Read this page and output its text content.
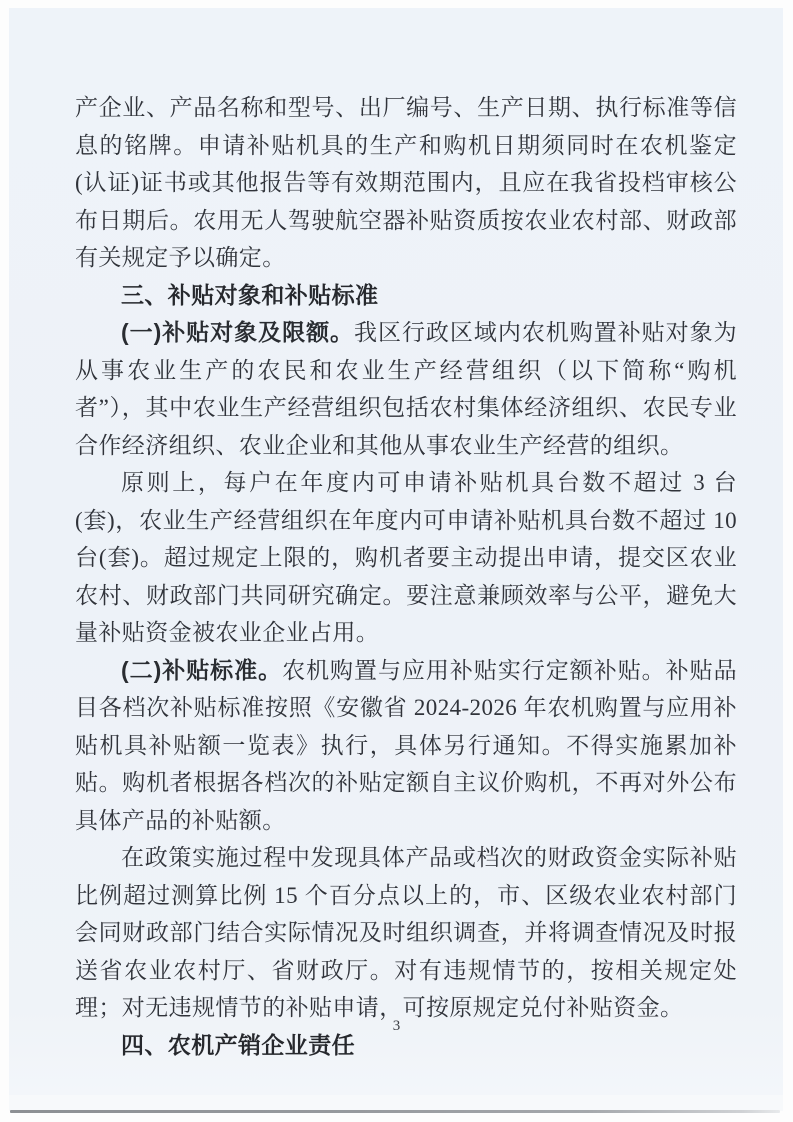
产企业、产品名称和型号、出厂编号、生产日期、执行标准等信息的铭牌。申请补贴机具的生产和购机日期须同时在农机鉴定(认证)证书或其他报告等有效期范围内，且应在我省投档审核公布日期后。农用无人驾驶航空器补贴资质按农业农村部、财政部有关规定予以确定。

三、补贴对象和补贴标准

(一)补贴对象及限额。我区行政区域内农机购置补贴对象为从事农业生产的农民和农业生产经营组织（以下简称“购机者”），其中农业生产经营组织包括农村集体经济组织、农民专业合作经济组织、农业企业和其他从事农业生产经营的组织。

原则上，每户在年度内可申请补贴机具台数不超过 3 台(套)，农业生产经营组织在年度内可申请补贴机具台数不超过 10 台(套)。超过规定上限的，购机者要主动提出申请，提交区农业农村、财政部门共同研究确定。要注意兼顾效率与公平，避免大量补贴资金被农业企业占用。

(二)补贴标准。农机购置与应用补贴实行定额补贴。补贴品目各档次补贴标准按照《安徽省 2024-2026 年农机购置与应用补贴机具补贴额一览表》执行，具体另行通知。不得实施累加补贴。购机者根据各档次的补贴定额自主议价购机，不再对外公布具体产品的补贴额。

在政策实施过程中发现具体产品或档次的财政资金实际补贴比例超过测算比例 15 个百分点以上的，市、区级农业农村部门会同财政部门结合实际情况及时组织调查，并将调查情况及时报送省农业农村厅、省财政厅。对有违规情节的，按相关规定处理；对无违规情节的补贴申请，可按原规定兑付补贴资金。

四、农机产销企业责任

3
